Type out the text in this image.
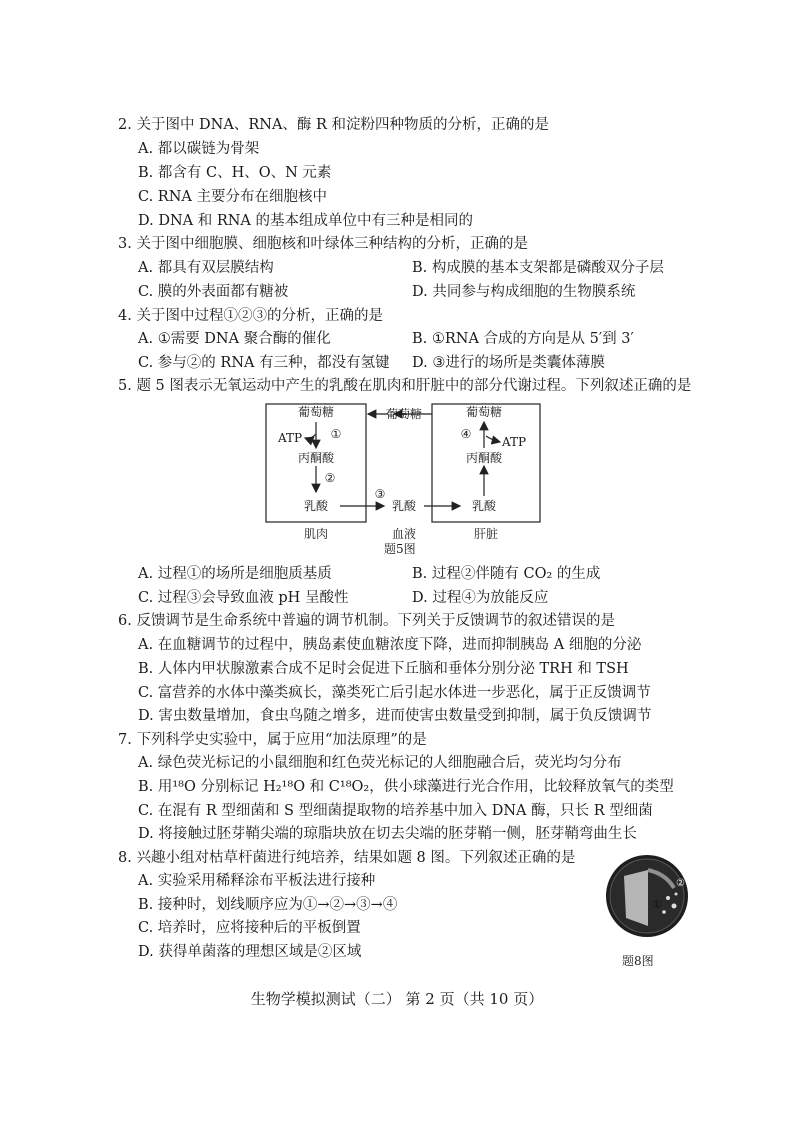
2. 关于图中 DNA、RNA、酶 R 和淀粉四种物质的分析，正确的是
A. 都以碳链为骨架
B. 都含有 C、H、O、N 元素
C. RNA 主要分布在细胞核中
D. DNA 和 RNA 的基本组成单位中有三种是相同的
3. 关于图中细胞膜、细胞核和叶绿体三种结构的分析，正确的是
A. 都具有双层膜结构	B. 构成膜的基本支架都是磷酸双分子层
C. 膜的外表面都有糖被	D. 共同参与构成细胞的生物膜系统
4. 关于图中过程①②③的分析，正确的是
A. ①需要 DNA 聚合酶的催化	B. ①RNA 合成的方向是从 5′到 3′
C. 参与②的 RNA 有三种，都没有氢键 D. ③进行的场所是类囊体薄膜
5. 题 5 图表示无氧运动中产生的乳酸在肌肉和肝脏中的部分代谢过程。下列叙述正确的是
葡萄糖
ATP ①
丙酮酸
②
乳酸
③
葡萄糖
乳酸
葡萄糖
④
ATP
丙酮酸
乳酸
肌肉	血液	肝脏
题5图
A. 过程①的场所是细胞质基质	B. 过程②伴随有 CO₂ 的生成
C. 过程③会导致血液 pH 呈酸性	D. 过程④为放能反应
6. 反馈调节是生命系统中普遍的调节机制。下列关于反馈调节的叙述错误的是
A. 在血糖调节的过程中，胰岛素使血糖浓度下降，进而抑制胰岛 A 细胞的分泌
B. 人体内甲状腺激素合成不足时会促进下丘脑和垂体分别分泌 TRH 和 TSH
C. 富营养的水体中藻类疯长，藻类死亡后引起水体进一步恶化，属于正反馈调节
D. 害虫数量增加，食虫鸟随之增多，进而使害虫数量受到抑制，属于负反馈调节
7. 下列科学史实验中，属于应用“加法原理”的是
A. 绿色荧光标记的小鼠细胞和红色荧光标记的人细胞融合后，荧光均匀分布
B. 用¹⁸O 分别标记 H₂¹⁸O 和 C¹⁸O₂，供小球藻进行光合作用，比较释放氧气的类型
C. 在混有 R 型细菌和 S 型细菌提取物的培养基中加入 DNA 酶，只长 R 型细菌
D. 将接触过胚芽鞘尖端的琼脂块放在切去尖端的胚芽鞘一侧，胚芽鞘弯曲生长
8. 兴趣小组对枯草杆菌进行纯培养，结果如题 8 图。下列叙述正确的是
A. 实验采用稀释涂布平板法进行接种
B. 接种时，划线顺序应为①→②→③→④
C. 培养时，应将接种后的平板倒置
D. 获得单菌落的理想区域是②区域
①
②
题8图
生物学模拟测试（二） 第 2 页（共 10 页）
